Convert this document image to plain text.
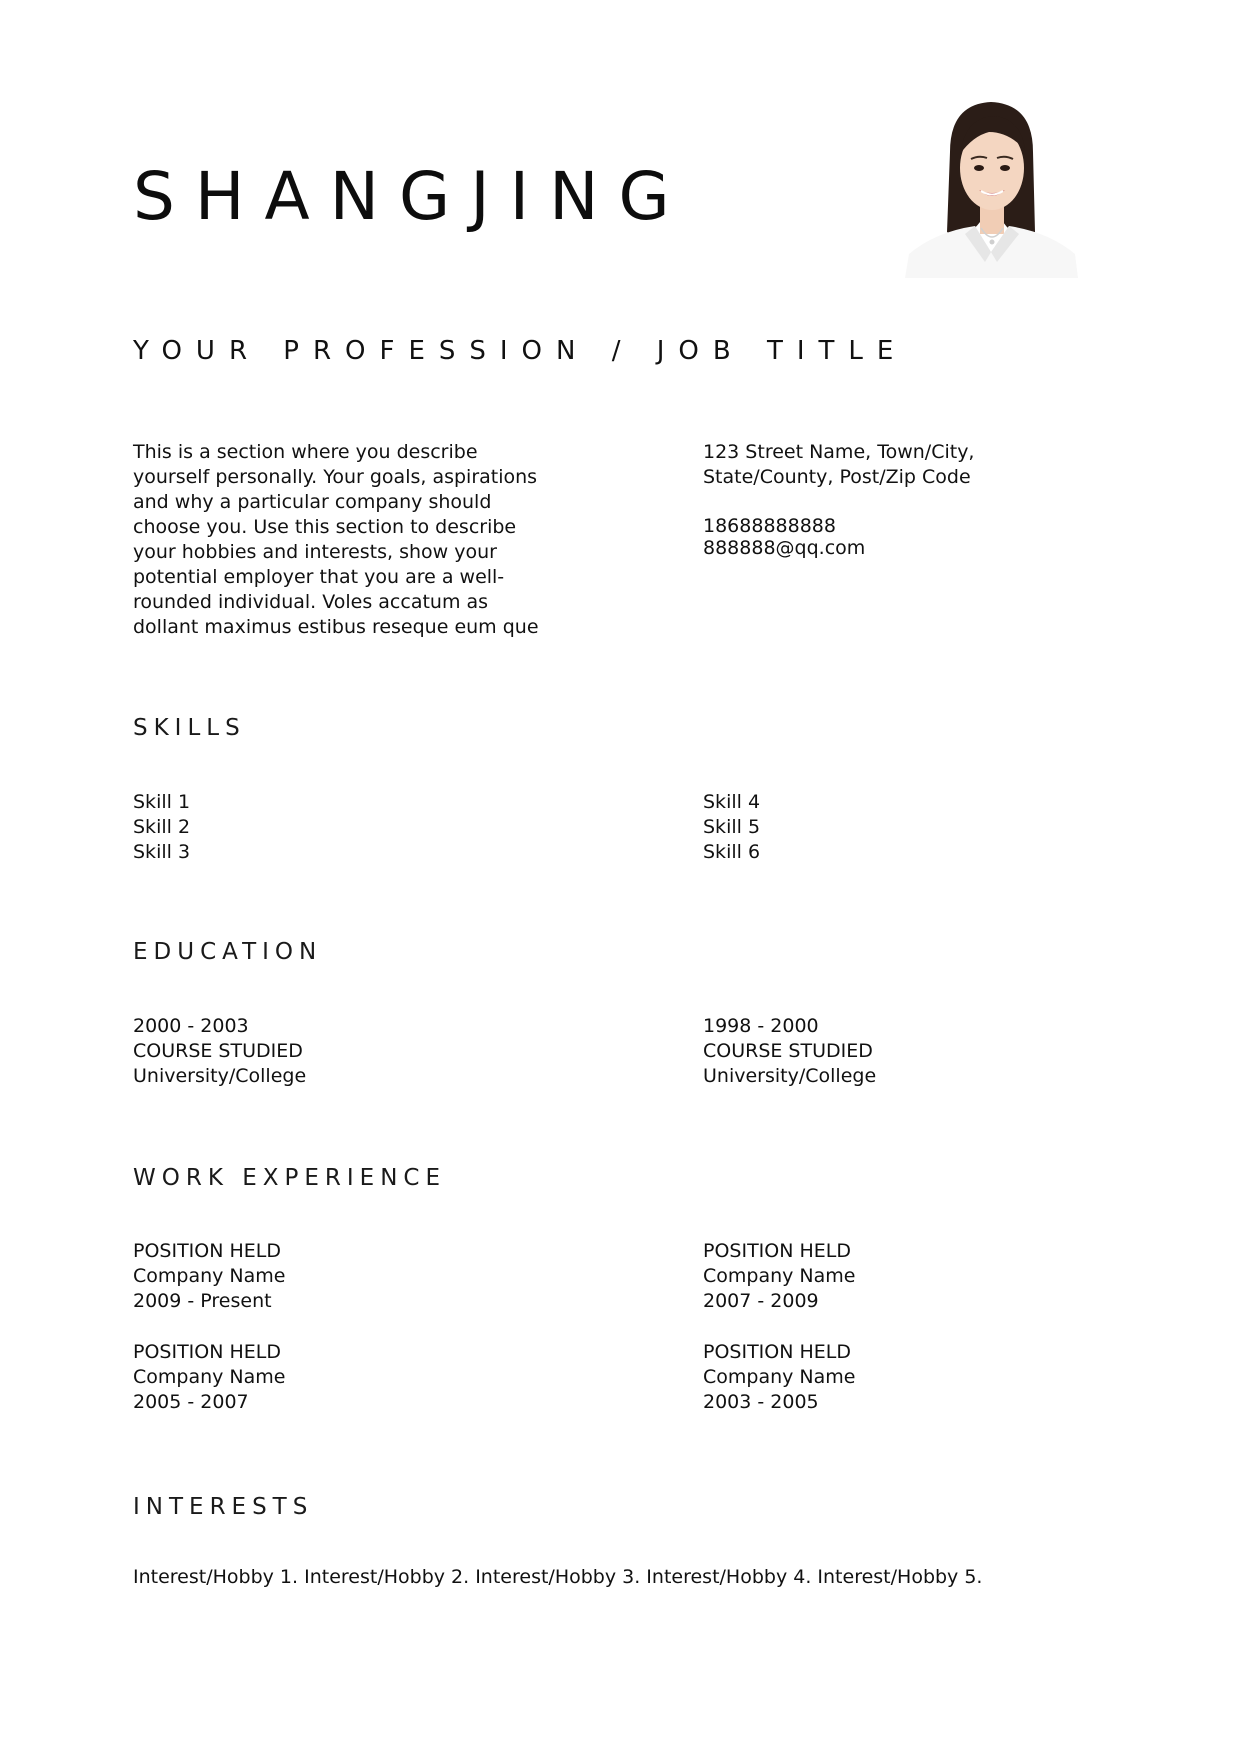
SHANGJING
YOUR PROFESSION / JOB TITLE
This is a section where you describe yourself personally. Your goals, aspirations and why a particular company should choose you. Use this section to describe your hobbies and interests, show your potential employer that you are a well-rounded individual. Voles accatum as dollant maximus estibus reseque eum que
123 Street Name, Town/City,
State/County, Post/Zip Code
18688888888
888888@qq.com
SKILLS
Skill 1
Skill 2
Skill 3
Skill 4
Skill 5
Skill 6
EDUCATION
2000 - 2003
COURSE STUDIED
University/College
1998 - 2000
COURSE STUDIED
University/College
WORK EXPERIENCE
POSITION HELD
Company Name
2009 - Present
POSITION HELD
Company Name
2007 - 2009
POSITION HELD
Company Name
2005 - 2007
POSITION HELD
Company Name
2003 - 2005
INTERESTS
Interest/Hobby 1. Interest/Hobby 2. Interest/Hobby 3. Interest/Hobby 4. Interest/Hobby 5.
